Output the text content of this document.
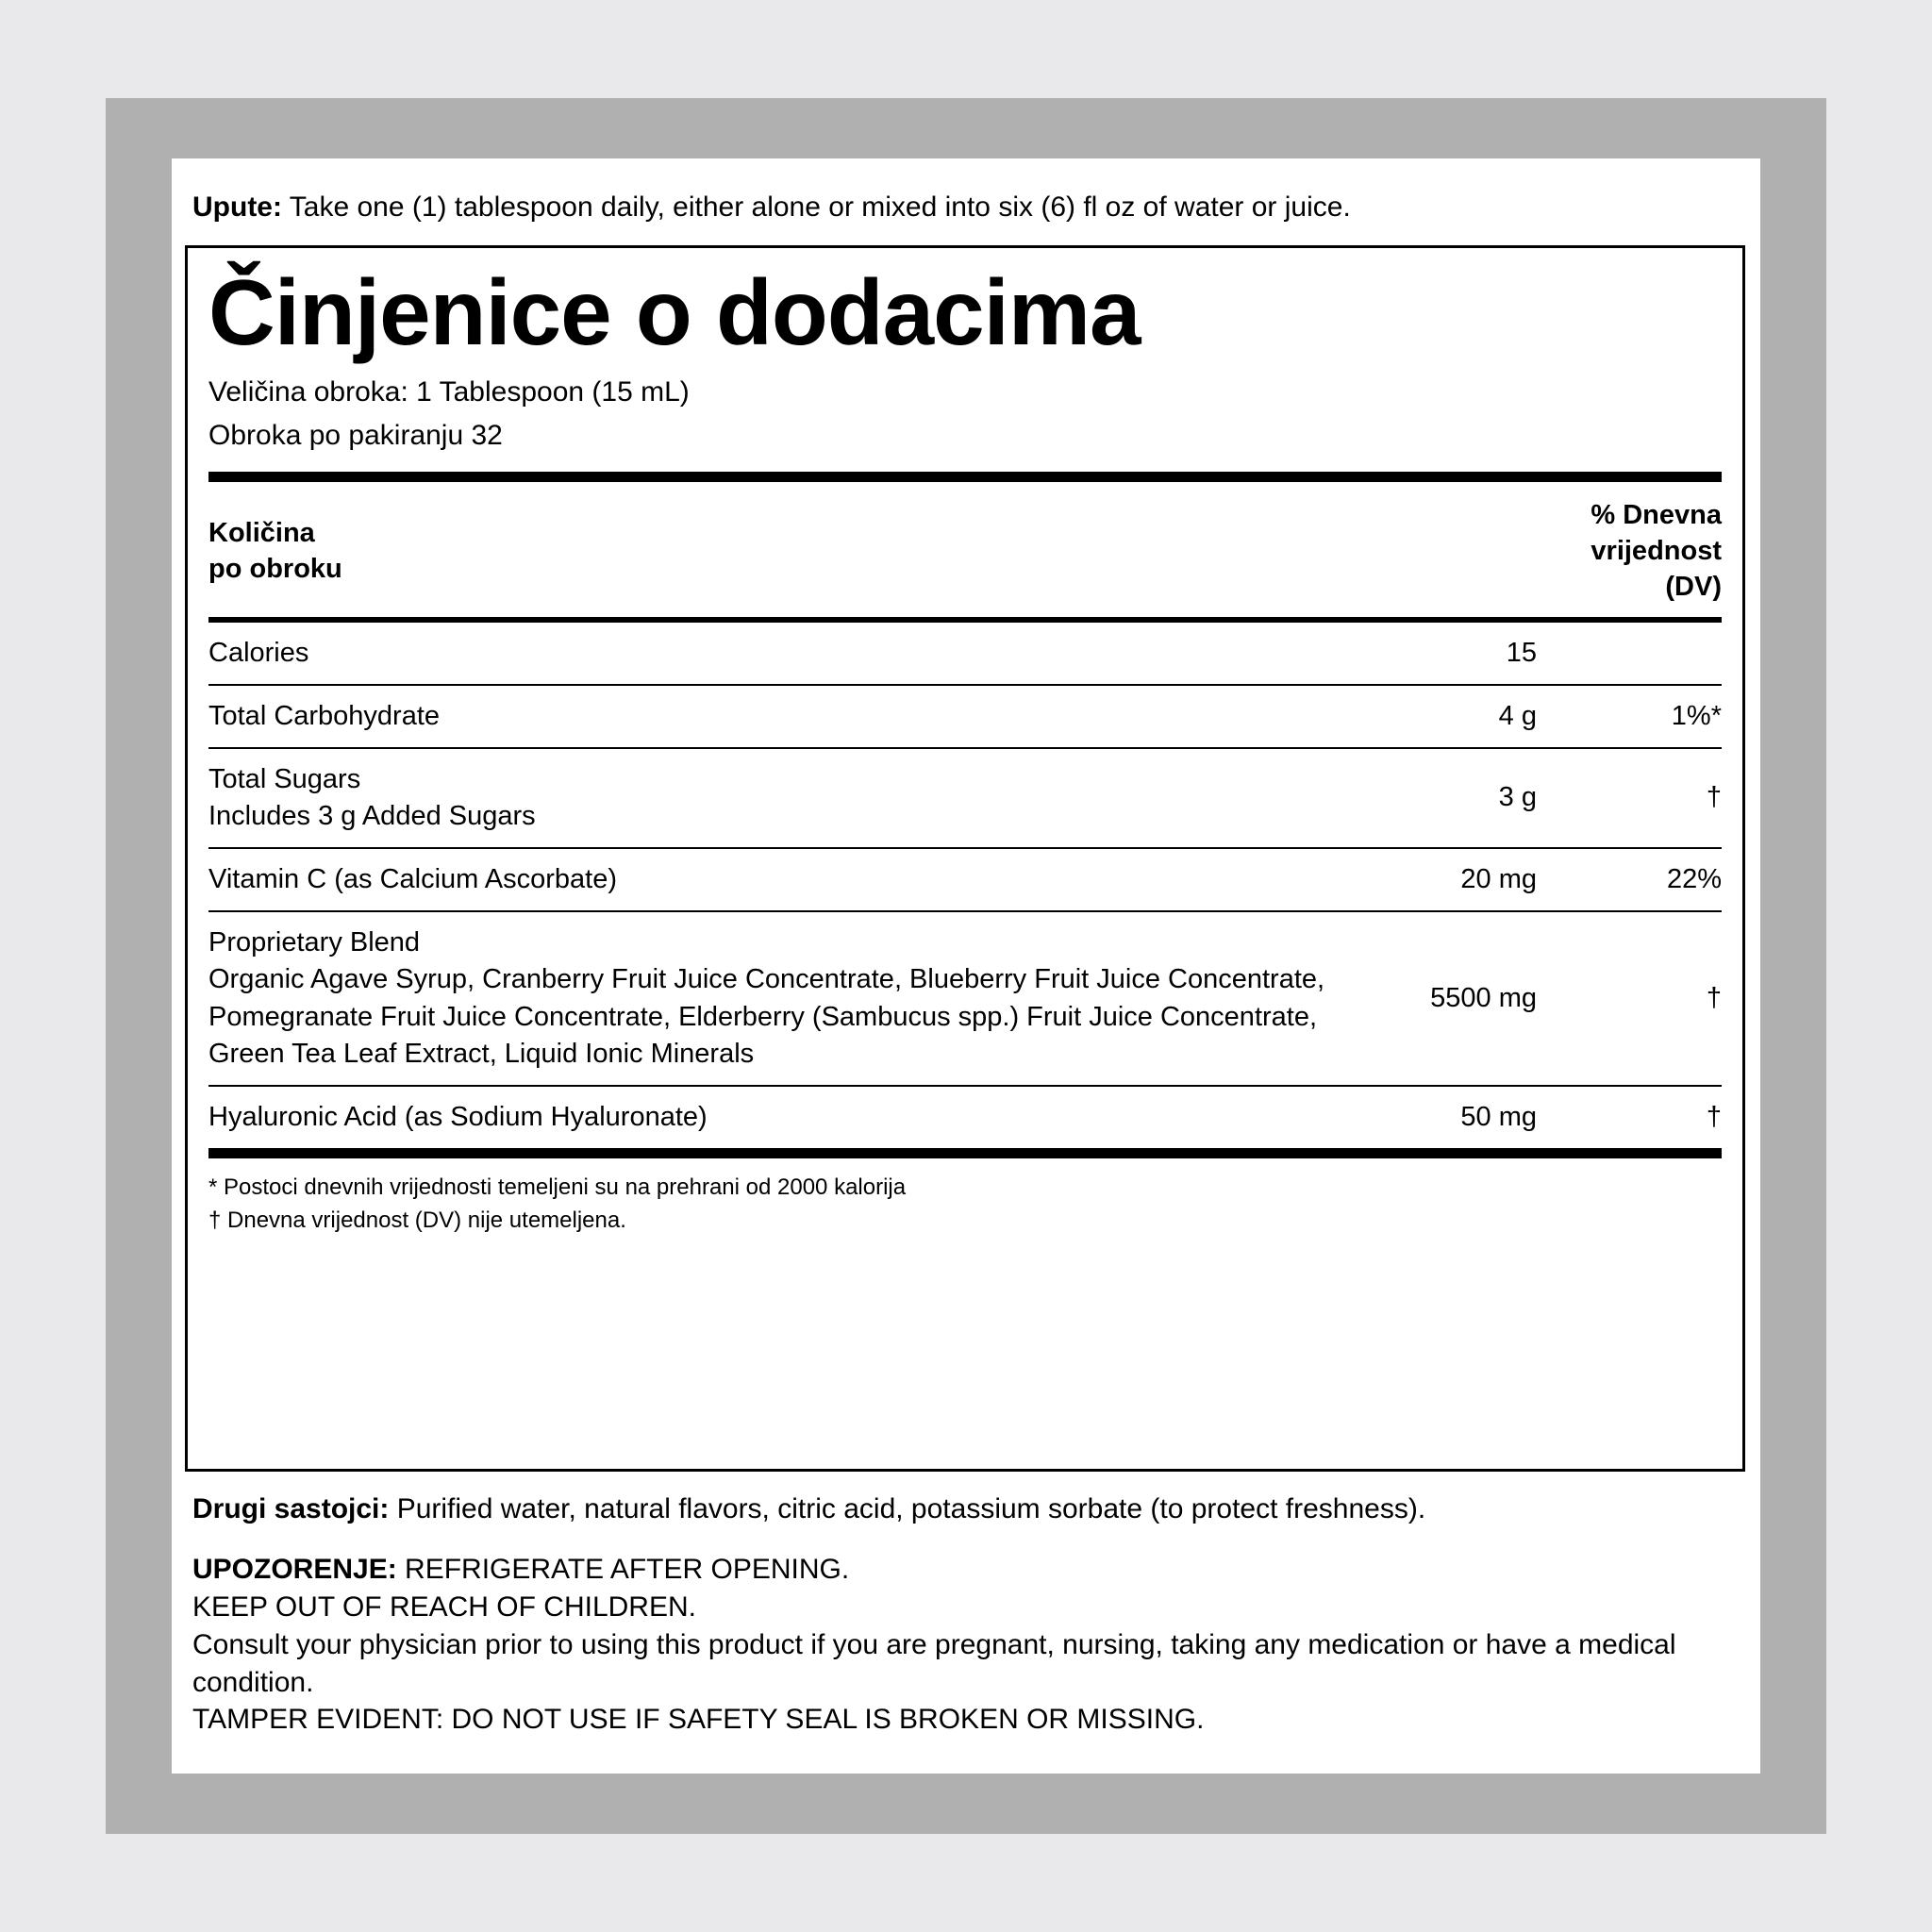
Upute: Take one (1) tablespoon daily, either alone or mixed into six (6) fl oz of water or juice.
Činjenice o dodacima
Veličina obroka: 1 Tablespoon (15 mL)
Obroka po pakiranju 32
Količina
po obroku

% Dnevna
vrijednost
(DV)

Calories	15	

Total Carbohydrate	4 g	1%*

Total Sugars
Includes 3 g Added Sugars	3 g	†

Vitamin C (as Calcium Ascorbate)	20 mg	22%

Proprietary Blend
Organic Agave Syrup, Cranberry Fruit Juice Concentrate, Blueberry Fruit Juice Concentrate, Pomegranate Fruit Juice Concentrate, Elderberry (Sambucus spp.) Fruit Juice Concentrate, Green Tea Leaf Extract, Liquid Ionic Minerals	5500 mg	†

Hyaluronic Acid (as Sodium Hyaluronate)	50 mg	†

* Postoci dnevnih vrijednosti temeljeni su na prehrani od 2000 kalorija
† Dnevna vrijednost (DV) nije utemeljena.
Drugi sastojci: Purified water, natural flavors, citric acid, potassium sorbate (to protect freshness).
UPOZORENJE: REFRIGERATE AFTER OPENING.
KEEP OUT OF REACH OF CHILDREN.
Consult your physician prior to using this product if you are pregnant, nursing, taking any medication or have a medical condition.
TAMPER EVIDENT: DO NOT USE IF SAFETY SEAL IS BROKEN OR MISSING.
